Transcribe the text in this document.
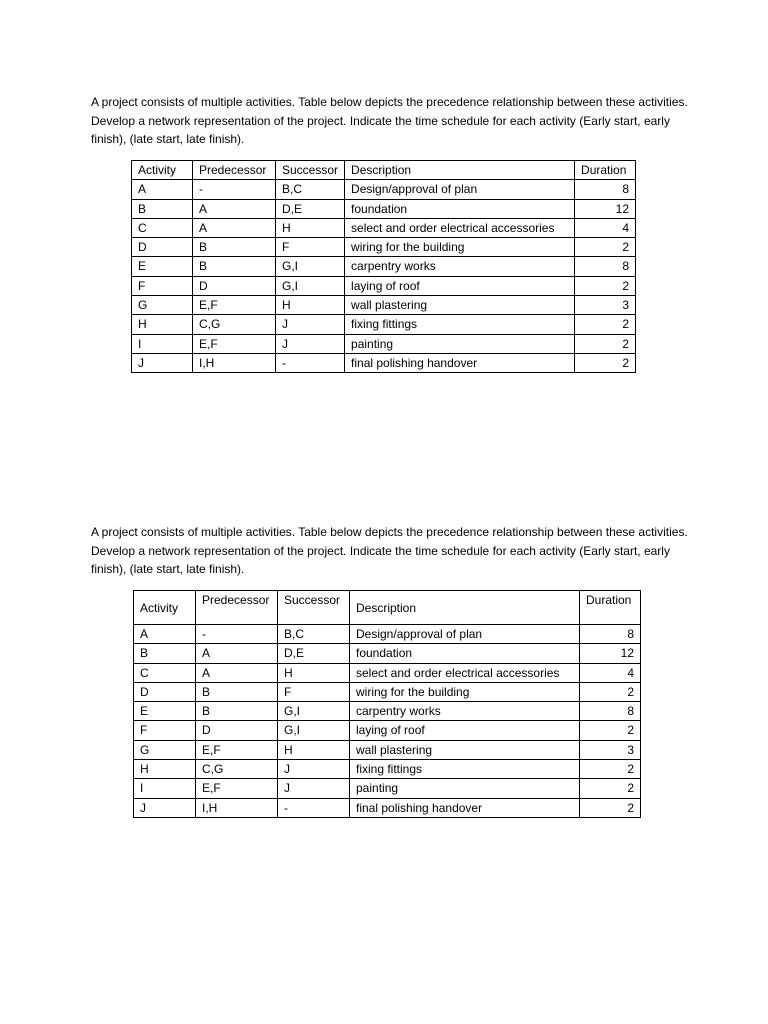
A project consists of multiple activities. Table below depicts the precedence relationship between these activities. Develop a network representation of the project. Indicate the time schedule for each activity (Early start, early finish), (late start, late finish).

Activity	Predecessor	Successor	Description	Duration
A	-	B,C	Design/approval of plan	8
B	A	D,E	foundation	12
C	A	H	select and order electrical accessories	4
D	B	F	wiring for the building	2
E	B	G,I	carpentry works	8
F	D	G,I	laying of roof	2
G	E,F	H	wall plastering	3
H	C,G	J	fixing fittings	2
I	E,F	J	painting	2
J	I,H	-	final polishing handover	2

A project consists of multiple activities. Table below depicts the precedence relationship between these activities. Develop a network representation of the project. Indicate the time schedule for each activity (Early start, early finish), (late start, late finish).

Activity	Predecessor	Successor	Description	Duration
A	-	B,C	Design/approval of plan	8
B	A	D,E	foundation	12
C	A	H	select and order electrical accessories	4
D	B	F	wiring for the building	2
E	B	G,I	carpentry works	8
F	D	G,I	laying of roof	2
G	E,F	H	wall plastering	3
H	C,G	J	fixing fittings	2
I	E,F	J	painting	2
J	I,H	-	final polishing handover	2
